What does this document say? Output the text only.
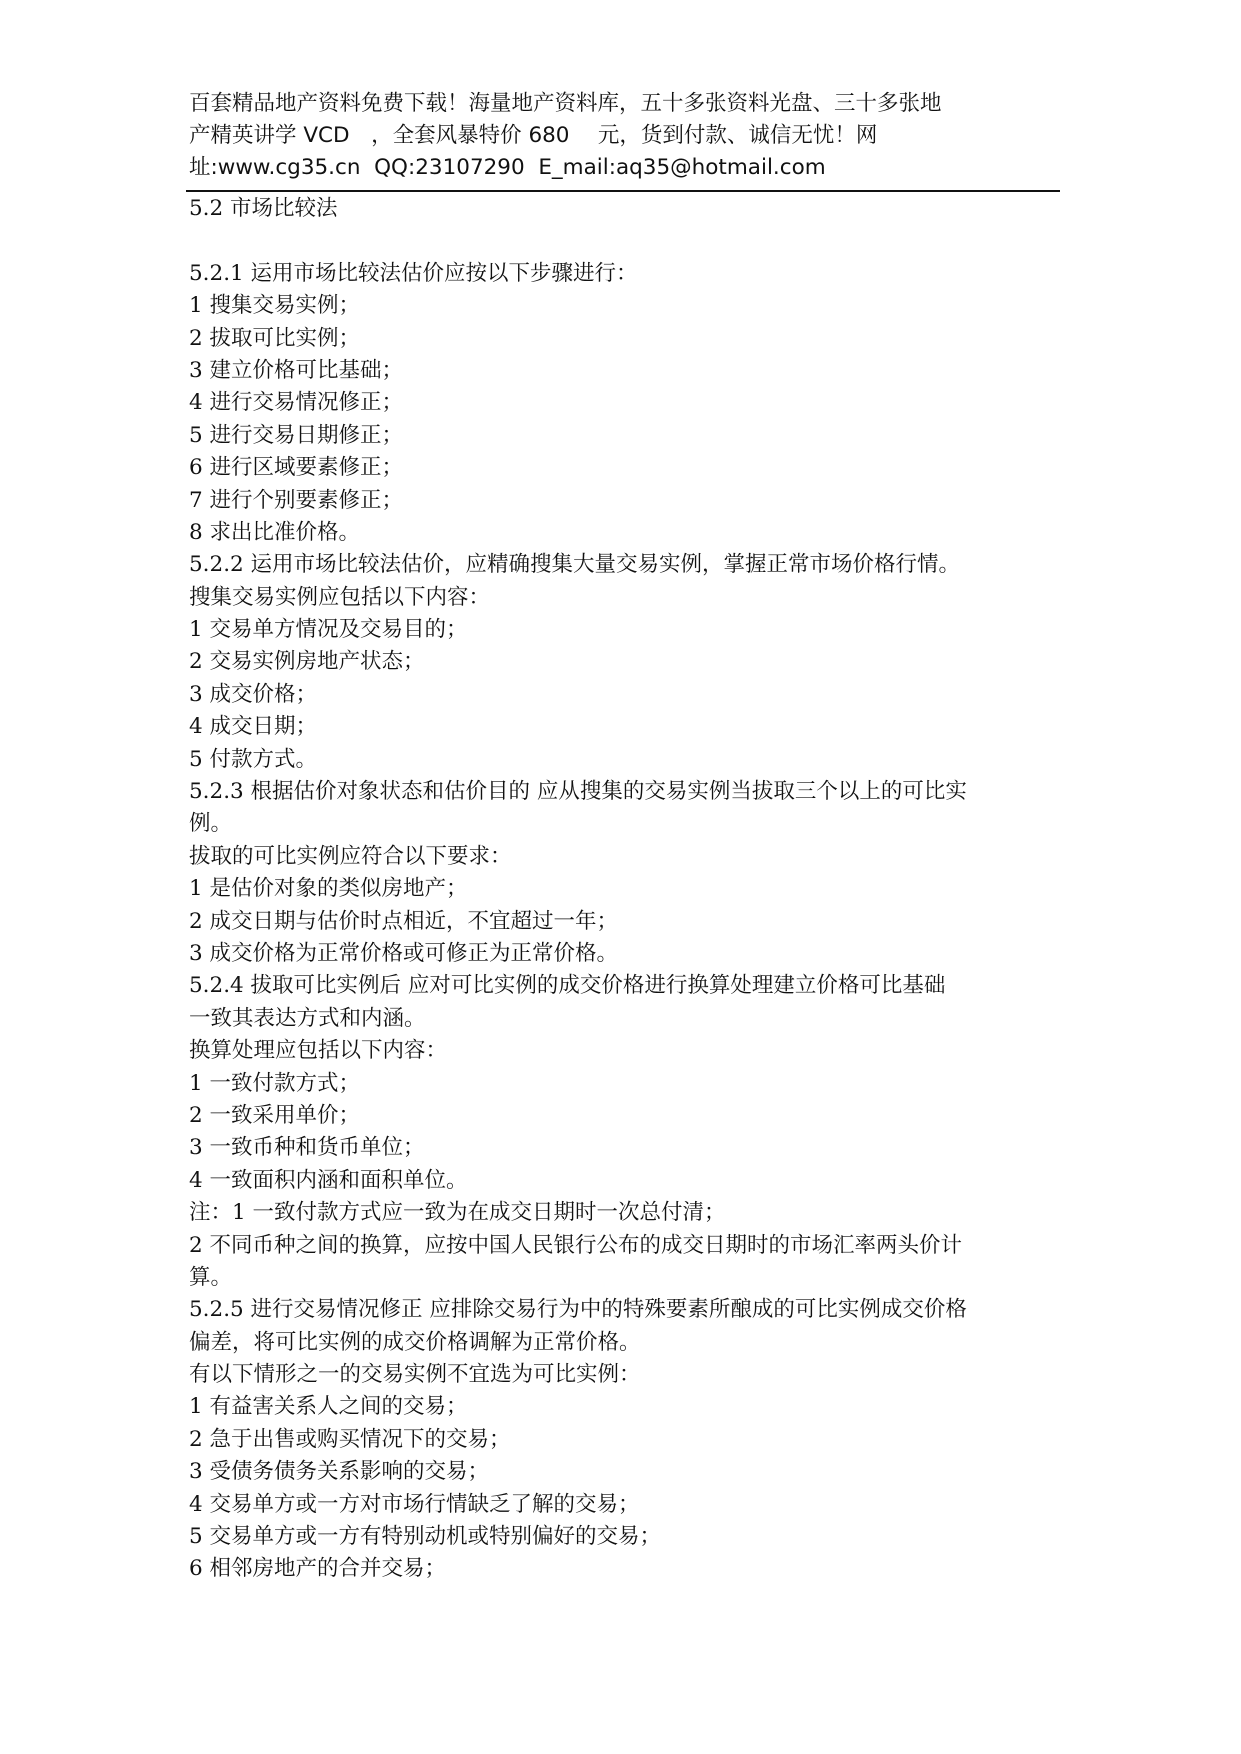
百套精品地产资料免费下载！海量地产资料库，五十多张资料光盘、三十多张地
产精英讲学 VCD　，全套风暴特价 680　 元，货到付款、诚信无忧！网
址:www.cg35.cn  QQ:23107290  E_mail:aq35@hotmail.com
5.2 市场比较法
5.2.1 运用市场比较法估价应按以下步骤进行：
1 搜集交易实例；
2 拔取可比实例；
3 建立价格可比基础；
4 进行交易情况修正；
5 进行交易日期修正；
6 进行区域要素修正；
7 进行个别要素修正；
8 求出比准价格。
5.2.2 运用市场比较法估价，应精确搜集大量交易实例，掌握正常市场价格行情。
搜集交易实例应包括以下内容：
1 交易单方情况及交易目的；
2 交易实例房地产状态；
3 成交价格；
4 成交日期；
5 付款方式。
5.2.3 根据估价对象状态和估价目的 应从搜集的交易实例当拔取三个以上的可比实
例。
拔取的可比实例应符合以下要求：
1 是估价对象的类似房地产；
2 成交日期与估价时点相近，不宜超过一年；
3 成交价格为正常价格或可修正为正常价格。
5.2.4 拔取可比实例后 应对可比实例的成交价格进行换算处理建立价格可比基础
一致其表达方式和内涵。
换算处理应包括以下内容：
1 一致付款方式；
2 一致采用单价；
3 一致币种和货币单位；
4 一致面积内涵和面积单位。
注：1 一致付款方式应一致为在成交日期时一次总付清；
2 不同币种之间的换算，应按中国人民银行公布的成交日期时的市场汇率两头价计
算。
5.2.5 进行交易情况修正 应排除交易行为中的特殊要素所酿成的可比实例成交价格
偏差，将可比实例的成交价格调解为正常价格。
有以下情形之一的交易实例不宜选为可比实例：
1 有益害关系人之间的交易；
2 急于出售或购买情况下的交易；
3 受债务债务关系影响的交易；
4 交易单方或一方对市场行情缺乏了解的交易；
5 交易单方或一方有特别动机或特别偏好的交易；
6 相邻房地产的合并交易；
